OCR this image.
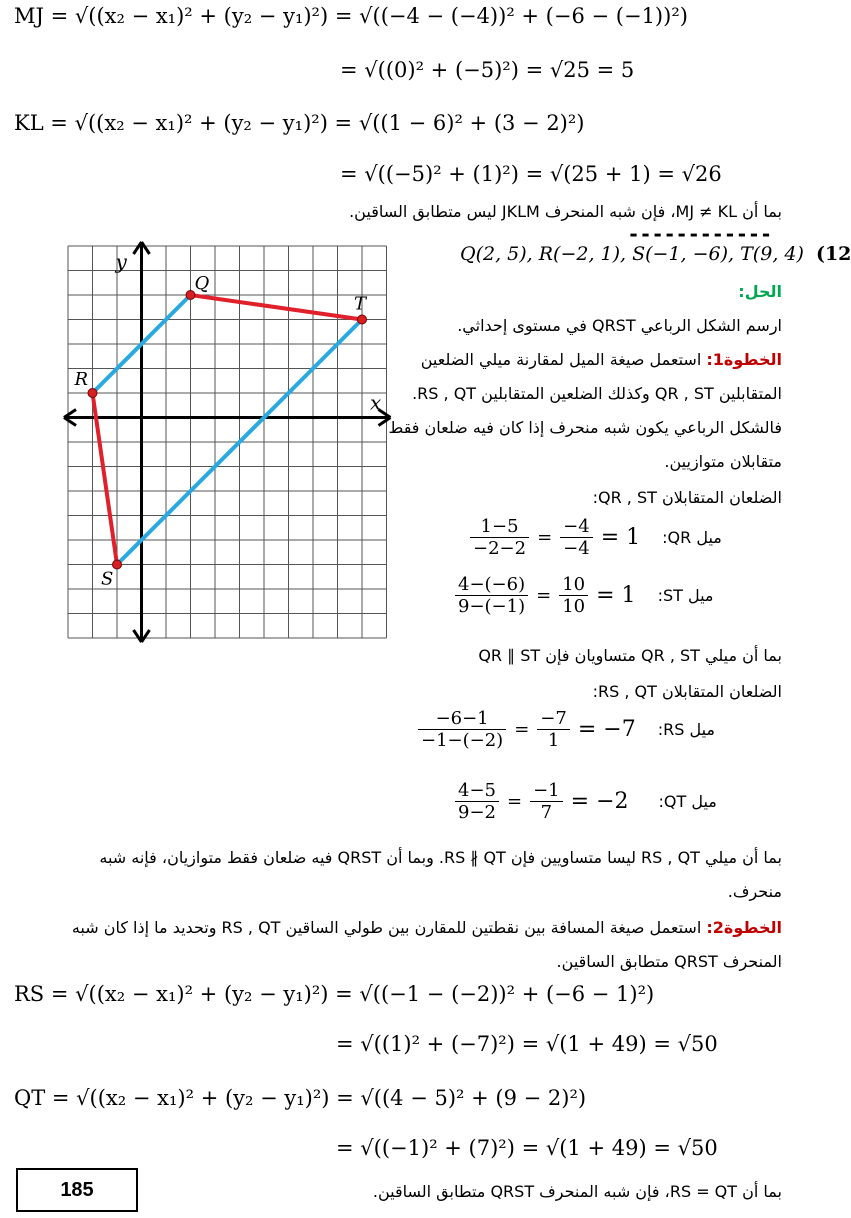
MJ = √((x₂ − x₁)² + (y₂ − y₁)²) = √((−4 − (−4))² + (−6 − (−1))²)
= √((0)² + (−5)²) = √25 = 5
KL = √((x₂ − x₁)² + (y₂ − y₁)²) = √((1 − 6)² + (3 − 2)²)
= √((−5)² + (1)²) = √(25 + 1) = √26
بما أن MJ ≠ KL، فإن شبه المنحرف JKLM ليس متطابق الساقين.
------------
x
y
Q
R
S
T
Q(2, 5), R(−2, 1), S(−1, −6), T(9, 4) (12
الحل:
ارسم الشكل الرباعي QRST في مستوى إحداثي.
الخطوة1: استعمل صيغة الميل لمقارنة ميلي الضلعين
المتقابلين QR , ST وكذلك الضلعين المتقابلين RS , QT.
فالشكل الرباعي يكون شبه منحرف إذا كان فيه ضلعان فقط
متقابلان متوازيين.
الضلعان المتقابلان QR , ST:
$\frac{1-5}{-2-2} = \frac{-4}{-4} = 1$ ميل QR:
$\frac{4-(-6)}{9-(-1)} = \frac{10}{10} = 1$ ميل ST:
بما أن ميلي QR , ST متساويان فإن QR ∥ ST
الضلعان المتقابلان RS , QT:
$\frac{-6-1}{-1-(-2)} = \frac{-7}{1} = -7$ ميل RS:
$\frac{4-5}{9-2} = \frac{-1}{7} = -2$ ميل QT:
بما أن ميلي RS , QT ليسا متساويين فإن RS ∦ QT. وبما أن QRST فيه ضلعان فقط متوازيان، فإنه شبه
منحرف.
الخطوة2: استعمل صيغة المسافة بين نقطتين للمقارن بين طولي الساقين RS , QT وتحديد ما إذا كان شبه
المنحرف QRST متطابق الساقين.
RS = √((x₂ − x₁)² + (y₂ − y₁)²) = √((−1 − (−2))² + (−6 − 1)²)
= √((1)² + (−7)²) = √(1 + 49) = √50
QT = √((x₂ − x₁)² + (y₂ − y₁)²) = √((4 − 5)² + (9 − 2)²)
= √((−1)² + (7)²) = √(1 + 49) = √50
185	بما أن RS = QT، فإن شبه المنحرف QRST متطابق الساقين.
